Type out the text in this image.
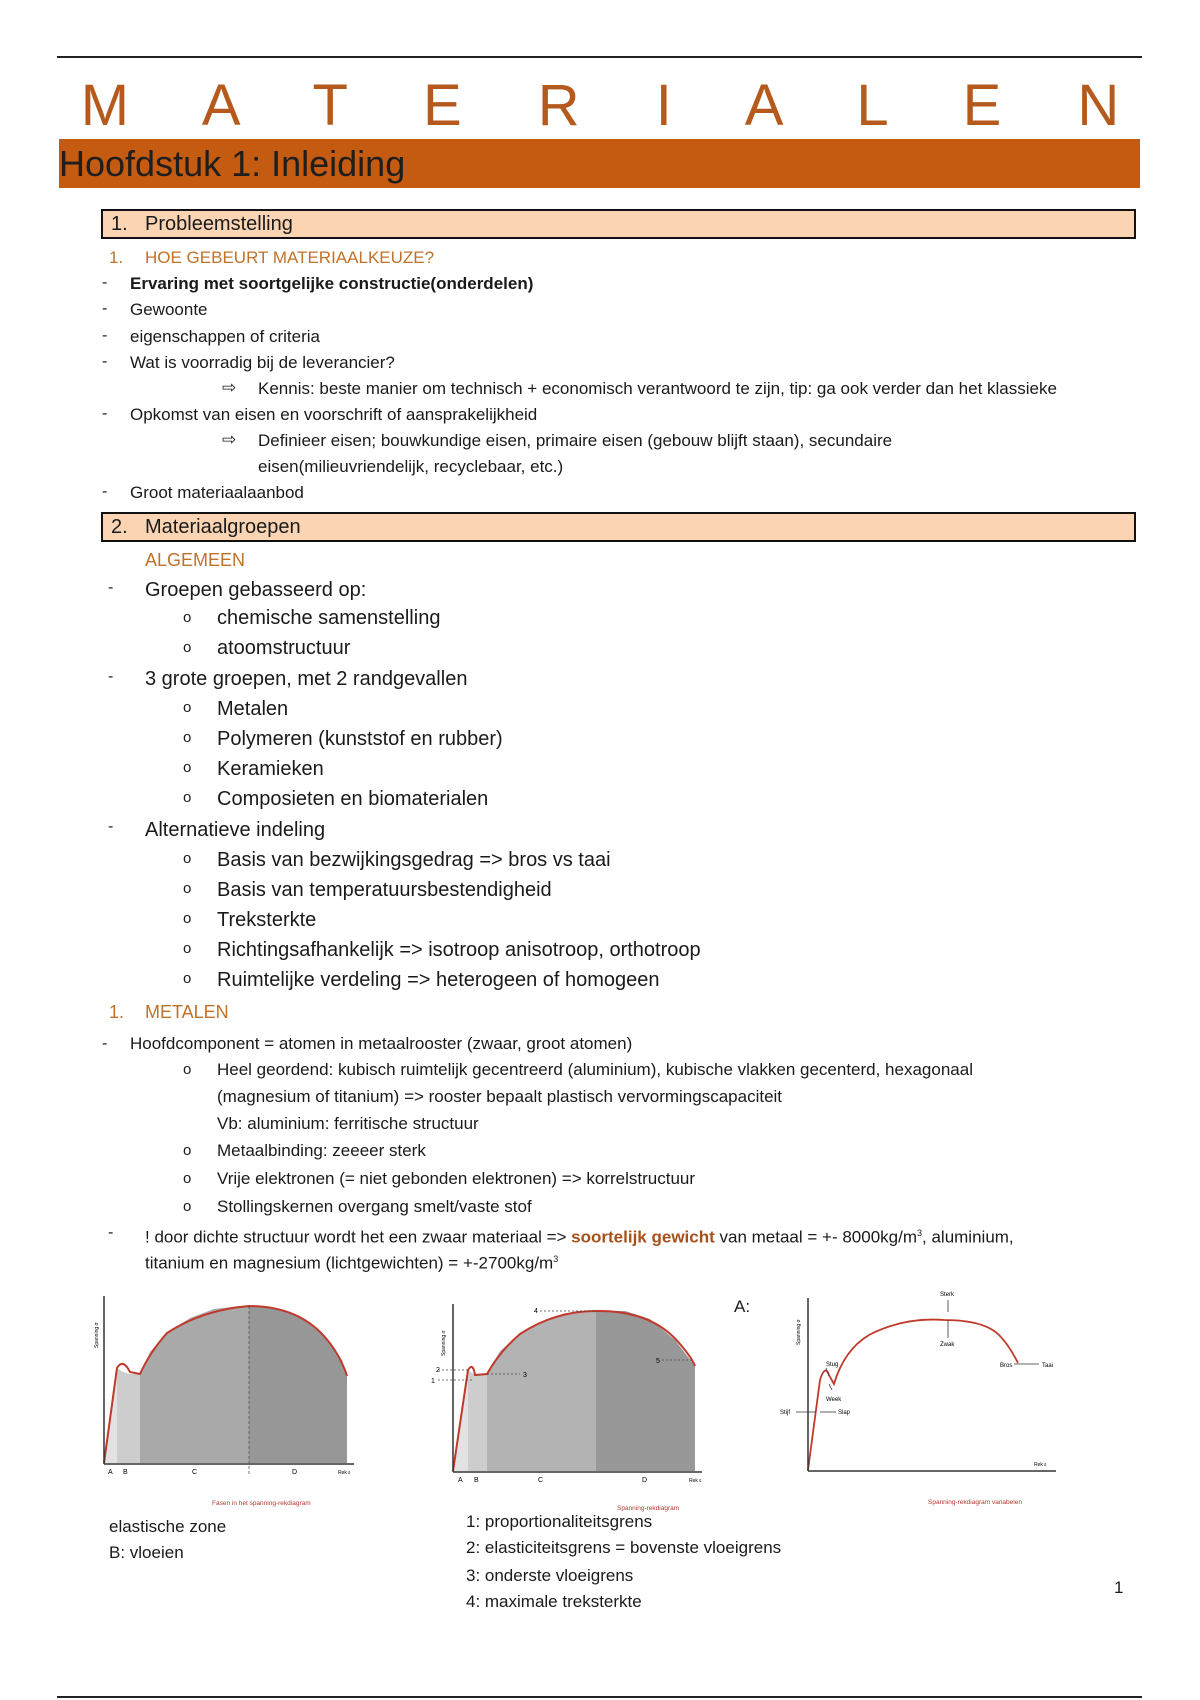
M A T E R I A L E N
Hoofdstuk 1: Inleiding
1. Probleemstelling
1. HOE GEBEURT MATERIAALKEUZE?
- Ervaring met soortgelijke constructie(onderdelen)
- Gewoonte
- eigenschappen of criteria
- Wat is voorradig bij de leverancier?
⇨ Kennis: beste manier om technisch + economisch verantwoord te zijn, tip: ga ook verder dan het klassieke
- Opkomst van eisen en voorschrift of aansprakelijkheid
⇨ Definieer eisen; bouwkundige eisen, primaire eisen (gebouw blijft staan), secundaire
eisen(milieuvriendelijk, recyclebaar, etc.)
- Groot materiaalaanbod
2. Materiaalgroepen
ALGEMEEN
- Groepen gebasseerd op:
o chemische samenstelling
o atoomstructuur
- 3 grote groepen, met 2 randgevallen
o Metalen
o Polymeren (kunststof en rubber)
o Keramieken
o Composieten en biomaterialen
- Alternatieve indeling
o Basis van bezwijkingsgedrag => bros vs taai
o Basis van temperatuursbestendigheid
o Treksterkte
o Richtingsafhankelijk => isotroop anisotroop, orthotroop
o Ruimtelijke verdeling => heterogeen of homogeen
1. METALEN
- Hoofdcomponent = atomen in metaalrooster (zwaar, groot atomen)
o Heel geordend: kubisch ruimtelijk gecentreerd (aluminium), kubische vlakken gecenterd, hexagonaal
(magnesium of titanium) => rooster bepaalt plastisch vervormingscapaciteit
Vb: aluminium: ferritische structuur
o Metaalbinding: zeeeer sterk
o Vrije elektronen (= niet gebonden elektronen) => korrelstructuur
o Stollingskernen overgang smelt/vaste stof
- ! door dichte structuur wordt het een zwaar materiaal => soortelijk gewicht van metaal = +- $8000kg/m^3$, aluminium,
titanium en magnesium (lichtgewichten) = $+-2700kg/m^3$
Spanning σ
Rek ε
A B	C	D
Fasen in het spanning-rekdiagram
Spanning σ
Rek ε
1
2
3
4
5
A B	C	D
Spanning-rekdiagram
A:
Spanning σ
Rek ε
Sterk
Zwak
Stug
Week
Stijf	Slap
Bros	Taai
Spanning-rekdiagram variabelen
elastische zone
B: vloeien
1: proportionaliteitsgrens
2: elasticiteitsgrens = bovenste vloeigrens
3: onderste vloeigrens
4: maximale treksterkte
1
